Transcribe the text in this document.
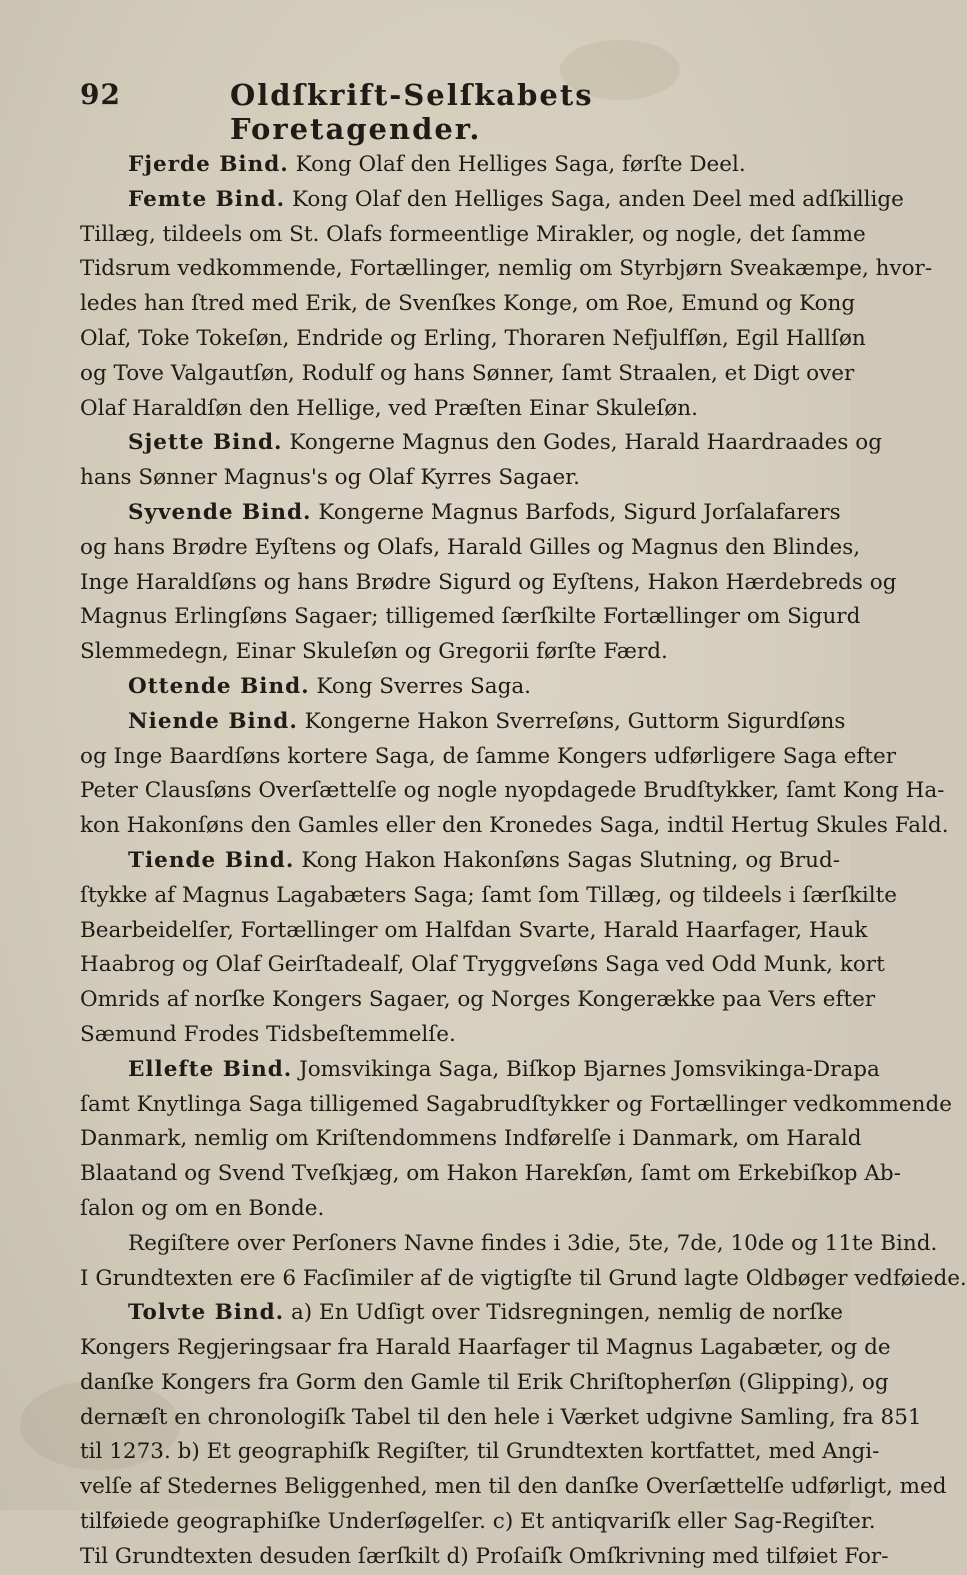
92	Oldſkrift-Selſkabets Foretagender.
Fjerde Bind. Kong Olaf den Helliges Saga, førſte Deel.
Femte Bind. Kong Olaf den Helliges Saga, anden Deel med adſkillige
Tillæg, tildeels om St. Olafs formeentlige Mirakler, og nogle, det ſamme
Tidsrum vedkommende, Fortællinger, nemlig om Styrbjørn Sveakæmpe, hvor-
ledes han ſtred med Erik, de Svenſkes Konge, om Roe, Emund og Kong
Olaf, Toke Tokeſøn, Endride og Erling, Thoraren Nefjulfſøn, Egil Hallſøn
og Tove Valgautſøn, Rodulf og hans Sønner, ſamt Straalen, et Digt over
Olaf Haraldſøn den Hellige, ved Præſten Einar Skuleſøn.
Sjette Bind. Kongerne Magnus den Godes, Harald Haardraades og
hans Sønner Magnus's og Olaf Kyrres Sagaer.
Syvende Bind. Kongerne Magnus Barfods, Sigurd Jorſalafarers
og hans Brødre Eyſtens og Olafs, Harald Gilles og Magnus den Blindes,
Inge Haraldſøns og hans Brødre Sigurd og Eyſtens, Hakon Hærdebreds og
Magnus Erlingſøns Sagaer; tilligemed ſærſkilte Fortællinger om Sigurd
Slemmedegn, Einar Skuleſøn og Gregorii førſte Færd.
Ottende Bind. Kong Sverres Saga.
Niende Bind. Kongerne Hakon Sverreſøns, Guttorm Sigurdſøns
og Inge Baardſøns kortere Saga, de ſamme Kongers udførligere Saga efter
Peter Clausſøns Overſættelſe og nogle nyopdagede Brudſtykker, ſamt Kong Ha-
kon Hakonſøns den Gamles eller den Kronedes Saga, indtil Hertug Skules Fald.
Tiende Bind. Kong Hakon Hakonſøns Sagas Slutning, og Brud-
ſtykke af Magnus Lagabæters Saga; ſamt ſom Tillæg, og tildeels i ſærſkilte
Bearbeidelſer, Fortællinger om Halfdan Svarte, Harald Haarfager, Hauk
Haabrog og Olaf Geirſtadealf, Olaf Tryggveſøns Saga ved Odd Munk, kort
Omrids af norſke Kongers Sagaer, og Norges Kongerække paa Vers efter
Sæmund Frodes Tidsbeſtemmelſe.
Ellefte Bind. Jomsvikinga Saga, Biſkop Bjarnes Jomsvikinga-Drapa
ſamt Knytlinga Saga tilligemed Sagabrudſtykker og Fortællinger vedkommende
Danmark, nemlig om Kriſtendommens Indførelſe i Danmark, om Harald
Blaatand og Svend Tveſkjæg, om Hakon Harekſøn, ſamt om Erkebiſkop Ab-
ſalon og om en Bonde.
Regiſtere over Perſoners Navne findes i 3die, 5te, 7de, 10de og 11te Bind.
I Grundtexten ere 6 Facſimiler af de vigtigſte til Grund lagte Oldbøger vedføiede.
Tolvte Bind. a) En Udſigt over Tidsregningen, nemlig de norſke
Kongers Regjeringsaar fra Harald Haarfager til Magnus Lagabæter, og de
danſke Kongers fra Gorm den Gamle til Erik Chriſtopherſøn (Glipping), og
dernæſt en chronologiſk Tabel til den hele i Værket udgivne Samling, fra 851
til 1273. b) Et geographiſk Regiſter, til Grundtexten kortfattet, med Angi-
velſe af Stedernes Beliggenhed, men til den danſke Overſættelſe udførligt, med
tilføiede geographiſke Underſøgelſer. c) Et antiqvariſk eller Sag-Regiſter.
Til Grundtexten desuden ſærſkilt d) Proſaiſk Omſkrivning med tilføiet For-
